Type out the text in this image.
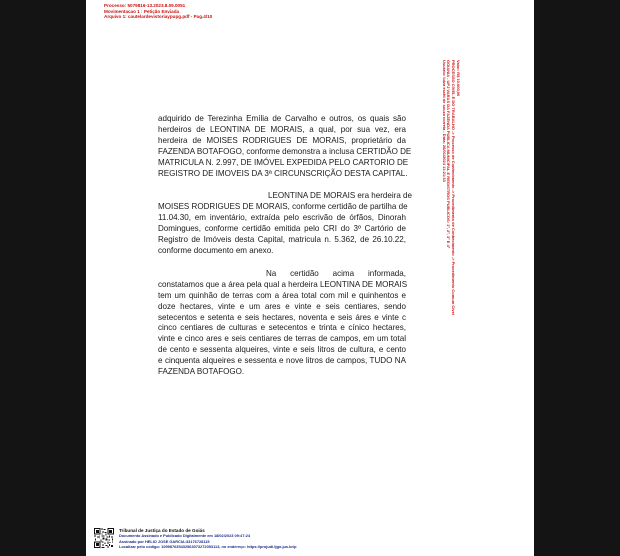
Processo: 5079816-13.2023.8.09.0051
Movimentacao 1 : Petição Enviada
Arquivo 1: cautelardevistoriaypupg.pdf - Pag.4/10
Valor: R$ 10.000,00
PROCESSO CIVEL E DO TRABALHO -> Processo de Conhecimento -> Procedimento de Conhecimento -> Procedimento Comum Civel
GOIANIA - UPJ VARAS DA FAZENDA PUBLICA MUNICIPAL E REGISTROS PUBLICOS: 1º, 2º, 3º E 4º
Usuário: luiza eschi de souza correia - Data: 26/01/2024 11:21:33
adquirido de Terezinha Emília de Carvalho e outros, os quais são
herdeiros de LEONTINA DE MORAIS, a qual, por sua vez, era
herdeira de MOISES RODRIGUES DE MORAIS, proprietário da
FAZENDA BOTAFOGO, conforme demonstra a inclusa CERTIDÃO DE
MATRICULA N. 2.997, DE IMÓVEL EXPEDIDA PELO CARTORIO DE
REGISTRO DE IMOVEIS DA 3ª CIRCUNSCRIÇÃO DESTA CAPITAL.
LEONTINA DE MORAIS era herdeira de
MOISES RODRIGUES DE MORAIS, conforme certidão de partilha de
11.04.30, em inventário, extraída pelo escrivão de órfãos, Dinorah
Domingues, conforme certidão emitida pelo CRI do 3º Cartório de
Registro de Imóveis desta Capital, matricula n. 5.362, de 26.10.22,
conforme documento em anexo.
Na certidão acima informada,
constatamos que a área pela qual a herdeira LEONTINA DE MORAIS
tem um quinhão de terras com a área total com mil e quinhentos e
doze hectares, vinte e um ares e vinte e seis centiares, sendo
setecentos e setenta e seis hectares, noventa e seis áres e vinte c
cinco centiares de culturas e setecentos e trinta e cínico hectares,
vinte e cinco ares e seis centiares de terras de campos, em um total
de cento e sessenta alqueires, vinte e seis litros de cultura, e cento
e cinquenta alqueires e sessenta e nove litros de campos, TUDO NA
FAZENDA BOTAFOGO.
Tribunal de Justiça do Estado de Goiás
Documento Assinado e Publicado Digitalmente em 18/02/2023 09:47:24
Assinado por HELIO JOSE GARCIA:33176728115
Localizar pelo código: 109987635432563073272053113, no endereço: https://projudi.tjgo.jus.br/p
